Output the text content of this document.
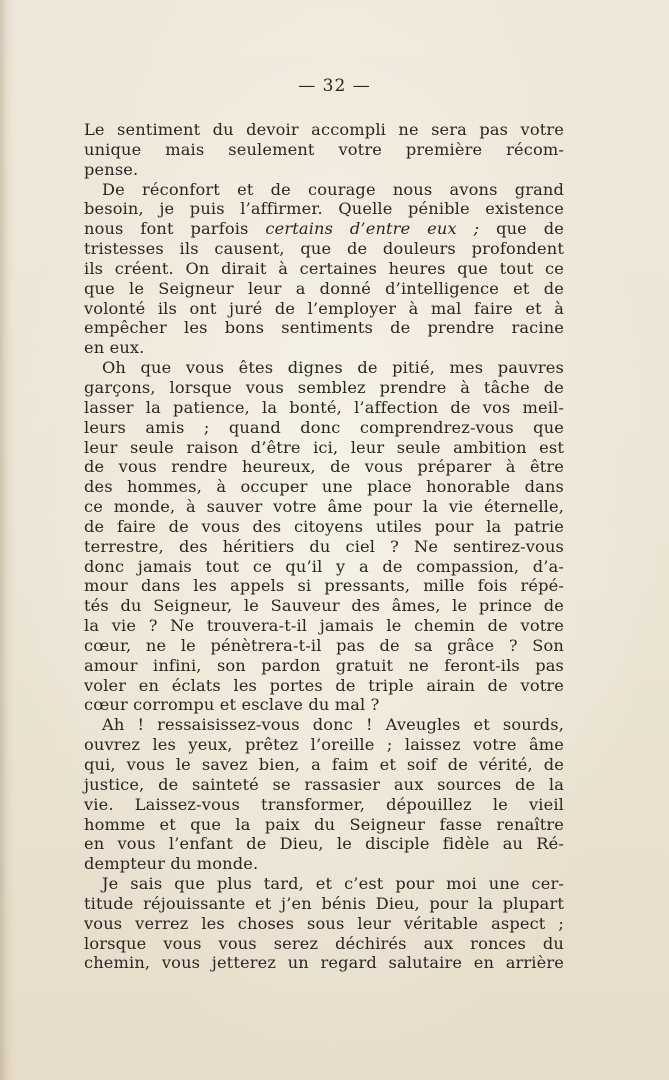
— 32 —
Le sentiment du devoir accompli ne sera pas votre
unique mais seulement votre première récom-
pense.
De réconfort et de courage nous avons grand
besoin, je puis l’affirmer. Quelle pénible existence
nous font parfois certains d’entre eux ; que de
tristesses ils causent, que de douleurs profondent
ils créent. On dirait à certaines heures que tout ce
que le Seigneur leur a donné d’intelligence et de
volonté ils ont juré de l’employer à mal faire et à
empêcher les bons sentiments de prendre racine
en eux.
Oh que vous êtes dignes de pitié, mes pauvres
garçons, lorsque vous semblez prendre à tâche de
lasser la patience, la bonté, l’affection de vos meil-
leurs amis ; quand donc comprendrez-vous que
leur seule raison d’être ici, leur seule ambition est
de vous rendre heureux, de vous préparer à être
des hommes, à occuper une place honorable dans
ce monde, à sauver votre âme pour la vie éternelle,
de faire de vous des citoyens utiles pour la patrie
terrestre, des héritiers du ciel ? Ne sentirez-vous
donc jamais tout ce qu’il y a de compassion, d’a-
mour dans les appels si pressants, mille fois répé-
tés du Seigneur, le Sauveur des âmes, le prince de
la vie ? Ne trouvera-t-il jamais le chemin de votre
cœur, ne le pénètrera-t-il pas de sa grâce ? Son
amour infini, son pardon gratuit ne feront-ils pas
voler en éclats les portes de triple airain de votre
cœur corrompu et esclave du mal ?
Ah ! ressaisissez-vous donc ! Aveugles et sourds,
ouvrez les yeux, prêtez l’oreille ; laissez votre âme
qui, vous le savez bien, a faim et soif de vérité, de
justice, de sainteté se rassasier aux sources de la
vie. Laissez-vous transformer, dépouillez le vieil
homme et que la paix du Seigneur fasse renaître
en vous l’enfant de Dieu, le disciple fidèle au Ré-
dempteur du monde.
Je sais que plus tard, et c’est pour moi une cer-
titude réjouissante et j’en bénis Dieu, pour la plupart
vous verrez les choses sous leur véritable aspect ;
lorsque vous vous serez déchirés aux ronces du
chemin, vous jetterez un regard salutaire en arrière
